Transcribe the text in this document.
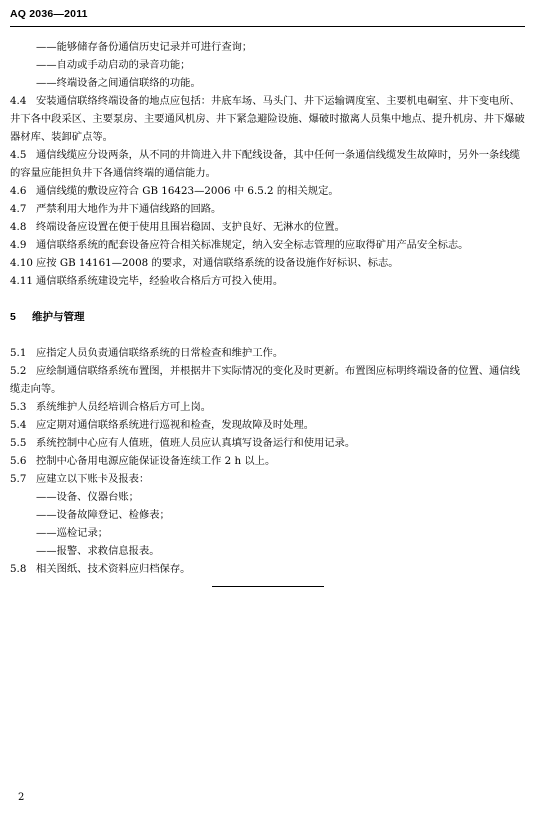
AQ 2036—2011
——能够储存备份通信历史记录并可进行查询；
——自动或手动启动的录音功能；
——终端设备之间通信联络的功能。
4.4 安装通信联络终端设备的地点应包括：井底车场、马头门、井下运输调度室、主要机电硐室、井下变电所、井下各中段采区、主要泵房、主要通风机房、井下紧急避险设施、爆破时撤离人员集中地点、提升机房、井下爆破器材库、装卸矿点等。
4.5 通信线缆应分设两条，从不同的井筒进入井下配线设备，其中任何一条通信线缆发生故障时，另外一条线缆的容量应能担负井下各通信终端的通信能力。
4.6 通信线缆的敷设应符合 GB 16423—2006 中 6.5.2 的相关规定。
4.7 严禁利用大地作为井下通信线路的回路。
4.8 终端设备应设置在便于使用且围岩稳固、支护良好、无淋水的位置。
4.9 通信联络系统的配套设备应符合相关标准规定，纳入安全标志管理的应取得矿用产品安全标志。
4.10 应按 GB 14161—2008 的要求，对通信联络系统的设备设施作好标识、标志。
4.11 通信联络系统建设完毕，经验收合格后方可投入使用。
5 维护与管理
5.1 应指定人员负责通信联络系统的日常检查和维护工作。
5.2 应绘制通信联络系统布置图，并根据井下实际情况的变化及时更新。布置图应标明终端设备的位置、通信线缆走向等。
5.3 系统维护人员经培训合格后方可上岗。
5.4 应定期对通信联络系统进行巡视和检查，发现故障及时处理。
5.5 系统控制中心应有人值班，值班人员应认真填写设备运行和使用记录。
5.6 控制中心备用电源应能保证设备连续工作 2 h 以上。
5.7 应建立以下账卡及报表：
——设备、仪器台账；
——设备故障登记、检修表；
——巡检记录；
——报警、求救信息报表。
5.8 相关图纸、技术资料应归档保存。
2
